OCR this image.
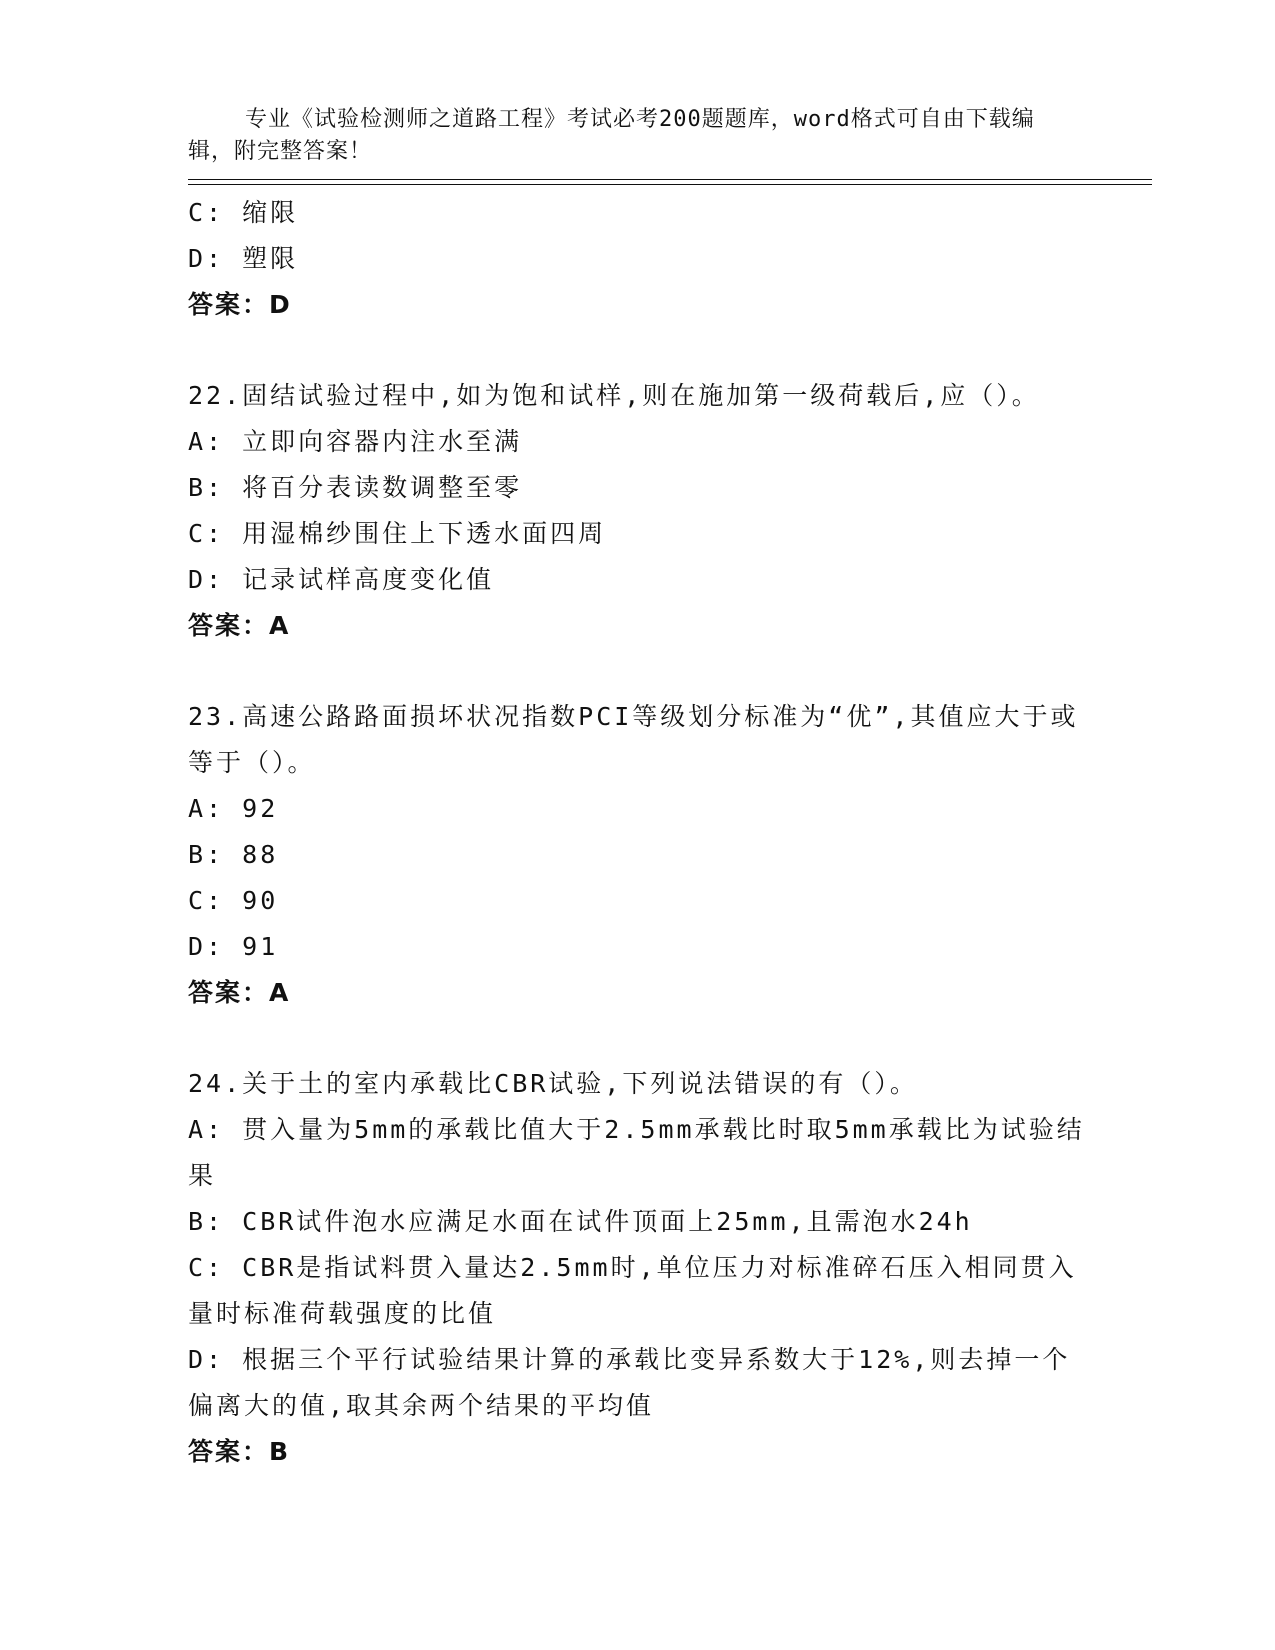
专业《试验检测师之道路工程》考试必考200题题库，word格式可自由下载编辑，附完整答案！

C: 缩限
D: 塑限
答案：D
22.固结试验过程中,如为饱和试样,则在施加第一级荷载后,应（）。
A: 立即向容器内注水至满
B: 将百分表读数调整至零
C: 用湿棉纱围住上下透水面四周
D: 记录试样高度变化值
答案：A
23.高速公路路面损坏状况指数PCI等级划分标准为“优”,其值应大于或等于（）。
A: 92
B: 88
C: 90
D: 91
答案：A
24.关于土的室内承载比CBR试验,下列说法错误的有（）。
A: 贯入量为5mm的承载比值大于2.5mm承载比时取5mm承载比为试验结果
B: CBR试件泡水应满足水面在试件顶面上25mm,且需泡水24h
C: CBR是指试料贯入量达2.5mm时,单位压力对标准碎石压入相同贯入量时标准荷载强度的比值
D: 根据三个平行试验结果计算的承载比变异系数大于12%,则去掉一个偏离大的值,取其余两个结果的平均值
答案：B
